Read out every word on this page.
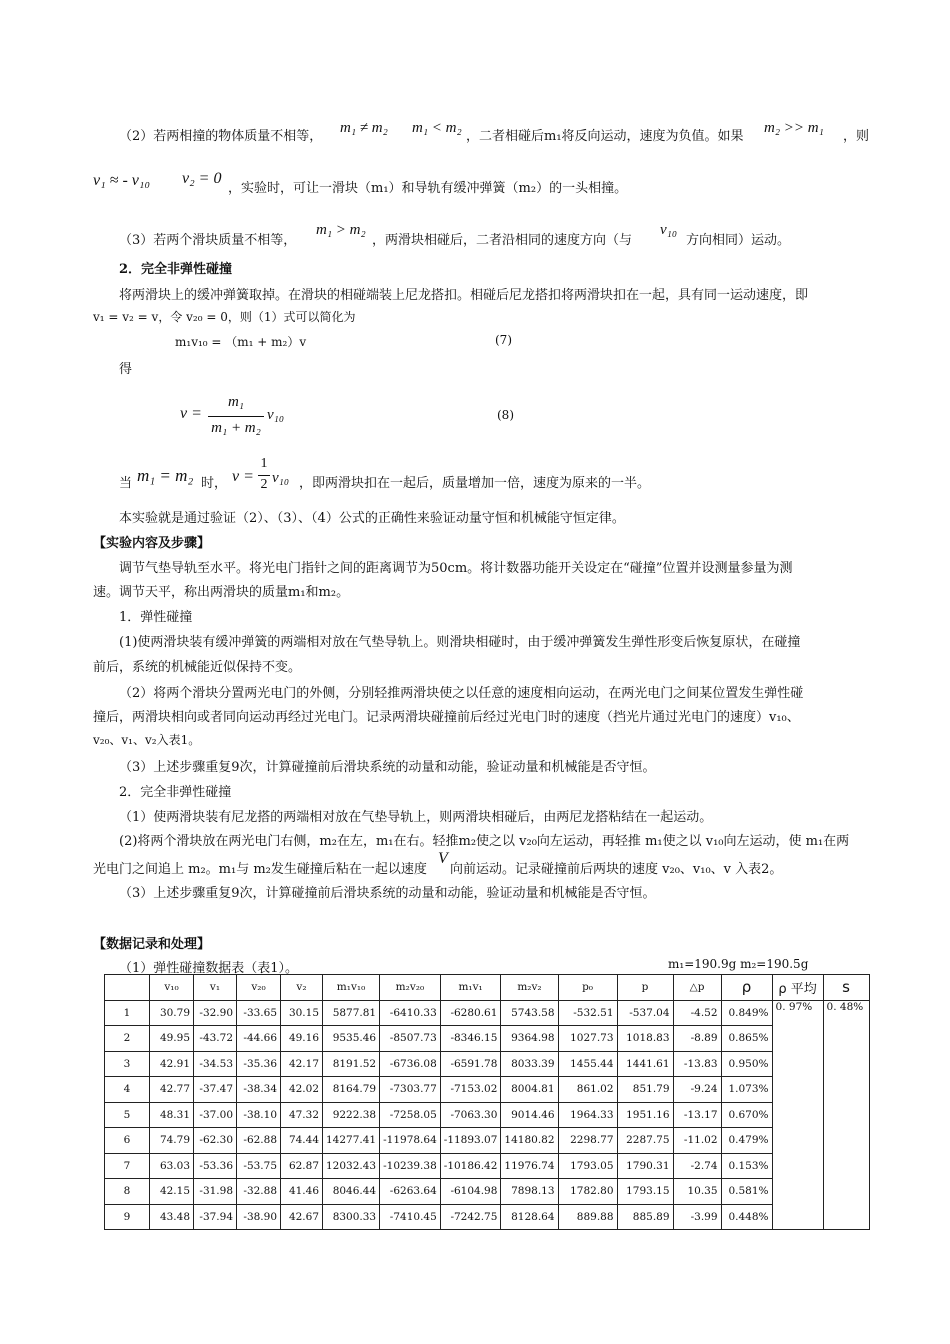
（2）若两相撞的物体质量不相等，
m₁ ≠ m₂ m₁ < m₂
，二者相碰后m₁将反向运动，速度为负值。如果
m₂ >> m₁
，则
v₁ ≈ - v₁₀ v₂ = 0
，实验时，可让一滑块（m₁）和导轨有缓冲弹簧（m₂）的一头相撞。
（3）若两个滑块质量不相等，
m₁ > m₂
，两滑块相碰后，二者沿相同的速度方向（与
v₁₀
方向相同）运动。
2．完全非弹性碰撞
将两滑块上的缓冲弹簧取掉。在滑块的相碰端装上尼龙搭扣。相碰后尼龙搭扣将两滑块扣在一起，具有同一运动速度，即
v₁ = v₂ = v，令 v₂₀ = 0，则（1）式可以简化为
m₁v₁₀ = （m₁ + m₂）v	(7)
得
v =
m₁
m₁ + m₂
v₁₀	(8)
当 m₁ = m₂ 时， v =
1
2 v₁₀ ，即两滑块扣在一起后，质量增加一倍，速度为原来的一半。
本实验就是通过验证（2）、（3）、（4）公式的正确性来验证动量守恒和机械能守恒定律。
【实验内容及步骤】
调节气垫导轨至水平。将光电门指针之间的距离调节为50cm。将计数器功能开关设定在“碰撞”位置并设测量参量为测
速。调节天平，称出两滑块的质量m₁和m₂。
1．弹性碰撞
(1)使两滑块装有缓冲弹簧的两端相对放在气垫导轨上。则滑块相碰时，由于缓冲弹簧发生弹性形变后恢复原状，在碰撞
前后，系统的机械能近似保持不变。
（2）将两个滑块分置两光电门的外侧，分别轻推两滑块使之以任意的速度相向运动，在两光电门之间某位置发生弹性碰
撞后，两滑块相向或者同向运动再经过光电门。记录两滑块碰撞前后经过光电门时的速度（挡光片通过光电门的速度）v₁₀、
v₂₀、v₁、v₂入表1。
（3）上述步骤重复9次，计算碰撞前后滑块系统的动量和动能，验证动量和机械能是否守恒。
2．完全非弹性碰撞
（1）使两滑块装有尼龙搭的两端相对放在气垫导轨上，则两滑块相碰后，由两尼龙搭粘结在一起运动。
(2)将两个滑块放在两光电门右侧，m₂在左，m₁在右。轻推m₂使之以 v₂₀向左运动，再轻推 m₁使之以 v₁₀向左运动，使 m₁在两
光电门之间追上 m₂。m₁与 m₂发生碰撞后粘在一起以速度
V
向前运动。记录碰撞前后两块的速度 v₂₀、v₁₀、v 入表2。
（3）上述步骤重复9次，计算碰撞前后滑块系统的动量和动能，验证动量和机械能是否守恒。
【数据记录和处理】
（1）弹性碰撞数据表（表1）。	m₁=190.9g m₂=190.5g
	v₁₀	v₁	v₂₀	v₂	m₁v₁₀	m₂v₂₀	m₁v₁	m₂v₂	p₀	p	△p	ρ	ρ 平均	s
1	30.79	-32.90	-33.65	30.15	5877.81	-6410.33	-6280.61	5743.58	-532.51	-537.04	-4.52	0.849%	0. 97%	0. 48%
2	49.95	-43.72	-44.66	49.16	9535.46	-8507.73	-8346.15	9364.98	1027.73	1018.83	-8.89	0.865%		
3	42.91	-34.53	-35.36	42.17	8191.52	-6736.08	-6591.78	8033.39	1455.44	1441.61	-13.83	0.950%		
4	42.77	-37.47	-38.34	42.02	8164.79	-7303.77	-7153.02	8004.81	861.02	851.79	-9.24	1.073%		
5	48.31	-37.00	-38.10	47.32	9222.38	-7258.05	-7063.30	9014.46	1964.33	1951.16	-13.17	0.670%		
6	74.79	-62.30	-62.88	74.44	14277.41	-11978.64	-11893.07	14180.82	2298.77	2287.75	-11.02	0.479%		
7	63.03	-53.36	-53.75	62.87	12032.43	-10239.38	-10186.42	11976.74	1793.05	1790.31	-2.74	0.153%		
8	42.15	-31.98	-32.88	41.46	8046.44	-6263.64	-6104.98	7898.13	1782.80	1793.15	10.35	0.581%		
9	43.48	-37.94	-38.90	42.67	8300.33	-7410.45	-7242.75	8128.64	889.88	885.89	-3.99	0.448%		
